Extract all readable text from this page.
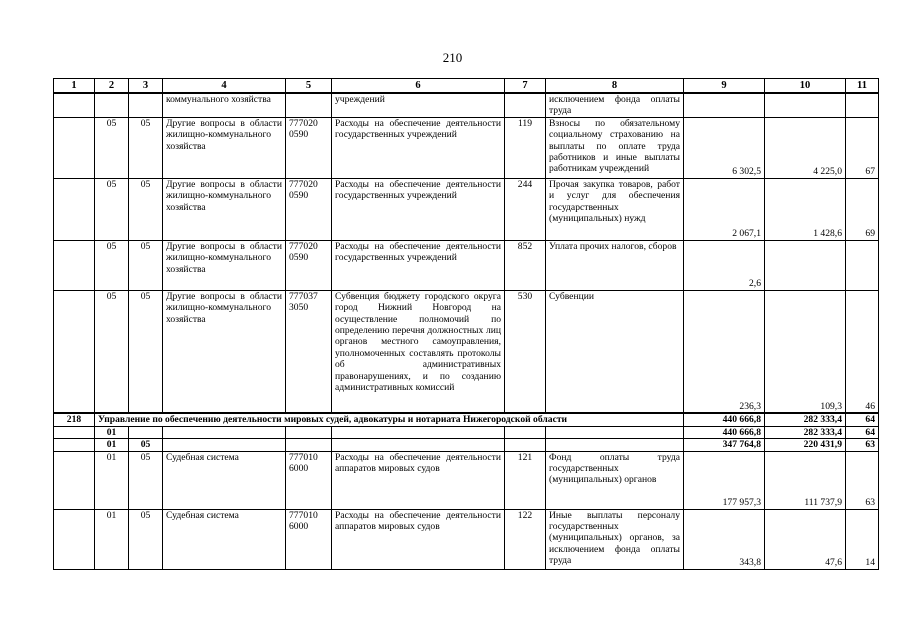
210
1	2	3	4	5	6	7	8	9	10	11
			коммунального хозяйства		учреждений		исключением фонда оплаты труда			
	05	05	Другие вопросы в области жилищно-коммунального хозяйства	777020 0590	Расходы на обеспечение деятельности государственных учреждений	119	Взносы по обязательному социальному страхованию на выплаты по оплате труда работников и иные выплаты работникам учреждений	6 302,5	4 225,0	67
	05	05	Другие вопросы в области жилищно-коммунального хозяйства	777020 0590	Расходы на обеспечение деятельности государственных учреждений	244	Прочая закупка товаров, работ и услуг для обеспечения государственных (муниципальных) нужд	2 067,1	1 428,6	69
	05	05	Другие вопросы в области жилищно-коммунального хозяйства	777020 0590	Расходы на обеспечение деятельности государственных учреждений	852	Уплата прочих налогов, сборов	2,6		
	05	05	Другие вопросы в области жилищно-коммунального хозяйства	777037 3050	Субвенция бюджету городского округа город Нижний Новгород на осуществление полномочий по определению перечня должностных лиц органов местного самоуправления, уполномоченных составлять протоколы об административных правонарушениях, и по созданию административных комиссий	530	Субвенции	236,3	109,3	46
218	Управление по обеспечению деятельности мировых судей, адвокатуры и нотариата Нижегородской области							440 666,8	282 333,4	64
	01							440 666,8	282 333,4	64
	01	05						347 764,8	220 431,9	63
	01	05	Судебная система	777010 6000	Расходы на обеспечение деятельности аппаратов мировых судов	121	Фонд оплаты труда государственных (муниципальных) органов	177 957,3	111 737,9	63
	01	05	Судебная система	777010 6000	Расходы на обеспечение деятельности аппаратов мировых судов	122	Иные выплаты персоналу государственных (муниципальных) органов, за исключением фонда оплаты труда	343,8	47,6	14
